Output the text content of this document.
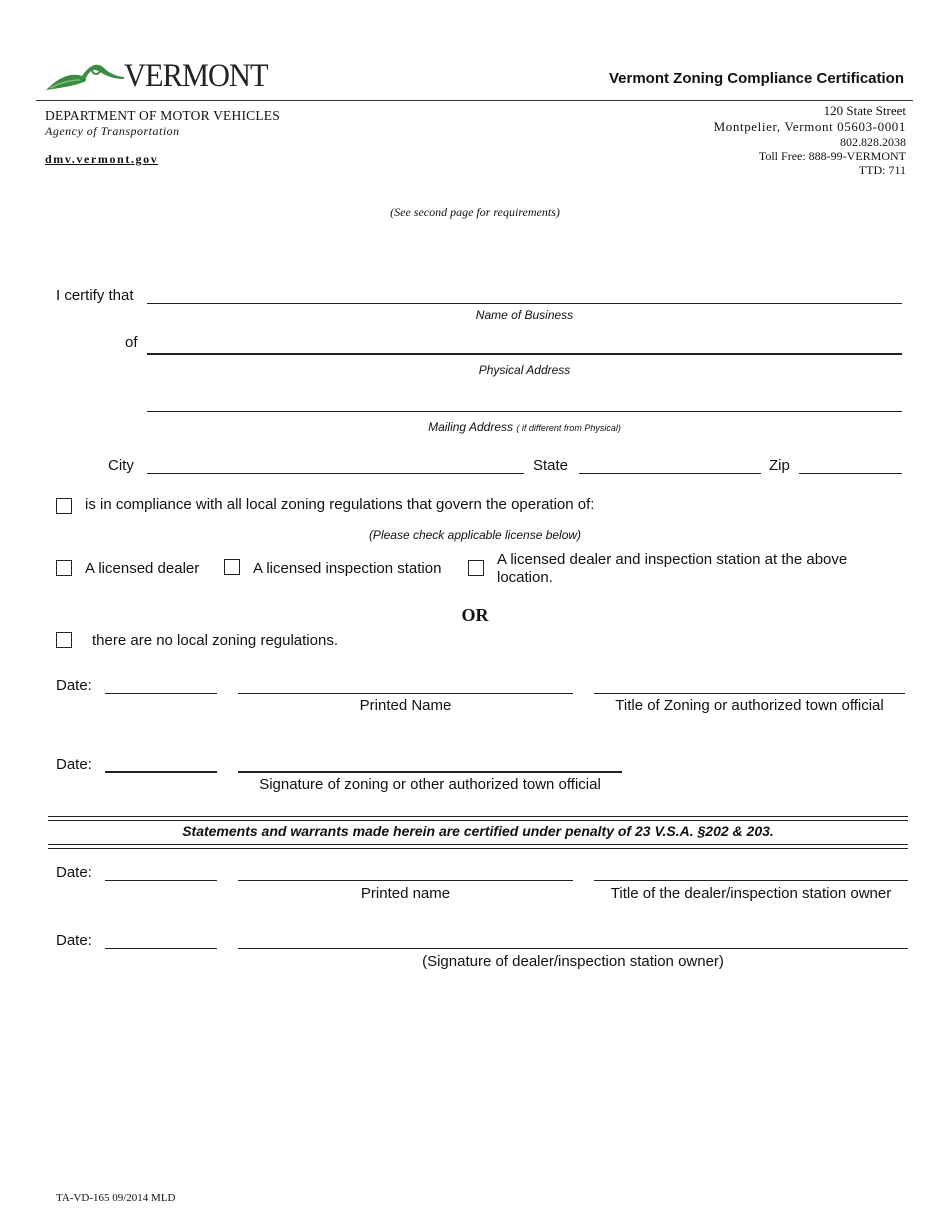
VERMONT	Vermont Zoning Compliance Certification
DEPARTMENT OF MOTOR VEHICLES
Agency of Transportation
dmv.vermont.gov
120 State Street
Montpelier, Vermont 05603-0001
802.828.2038
Toll Free: 888-99-VERMONT
TTD: 711
(See second page for requirements)
I certify that
Name of Business
of
Physical Address
Mailing Address ( if different from Physical)
City	State	Zip
is in compliance with all local zoning regulations that govern the operation of:
(Please check applicable license below)
A licensed dealer	A licensed inspection station
A licensed dealer and inspection station at the above location.
OR
there are no local zoning regulations.
Date:
Printed Name	Title of Zoning or authorized town official
Date:
Signature of zoning or other authorized town official
Statements and warrants made herein are certified under penalty of 23 V.S.A. §202 & 203.
Date:
Printed name	Title of the dealer/inspection station owner
Date:
(Signature of dealer/inspection station owner)
TA-VD-165 09/2014 MLD
